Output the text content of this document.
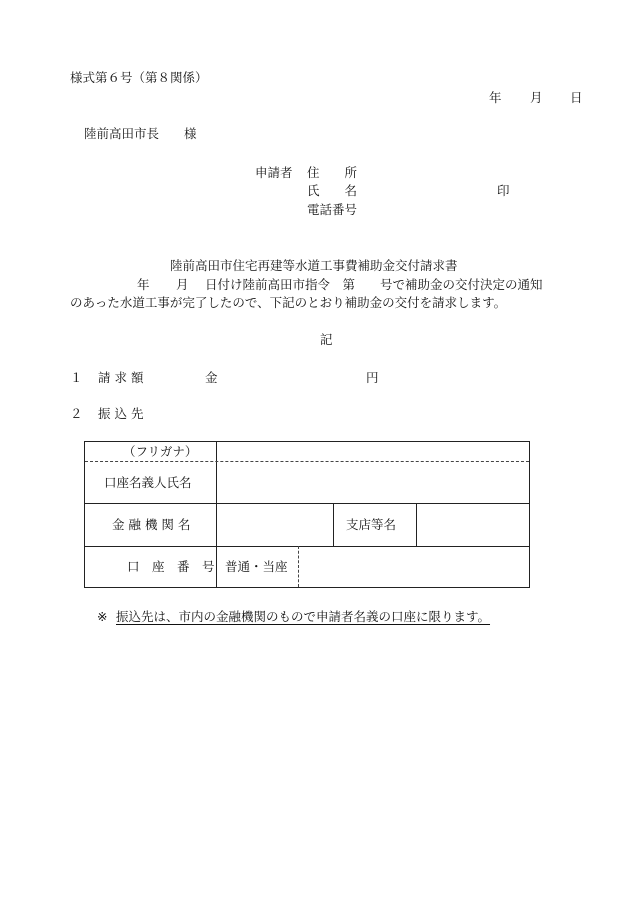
様式第６号（第８関係）
年 月 日
陸前高田市長　　様
申請者 住　　所
氏　　名	印
電話番号
陸前高田市住宅再建等水道工事費補助金交付請求書
年 月 日付け陸前高田市指令　第　　号で補助金の交付決定の通知
のあった水道工事が完了したので、下記のとおり補助金の交付を請求します。
記
１ 請 求 額	金	円
２ 振 込 先
（フリガナ）
口座名義人氏名
金 融 機 関 名	支店等名
口　座　番　号 普通・当座
※ 振込先は、市内の金融機関のもので申請者名義の口座に限ります。
